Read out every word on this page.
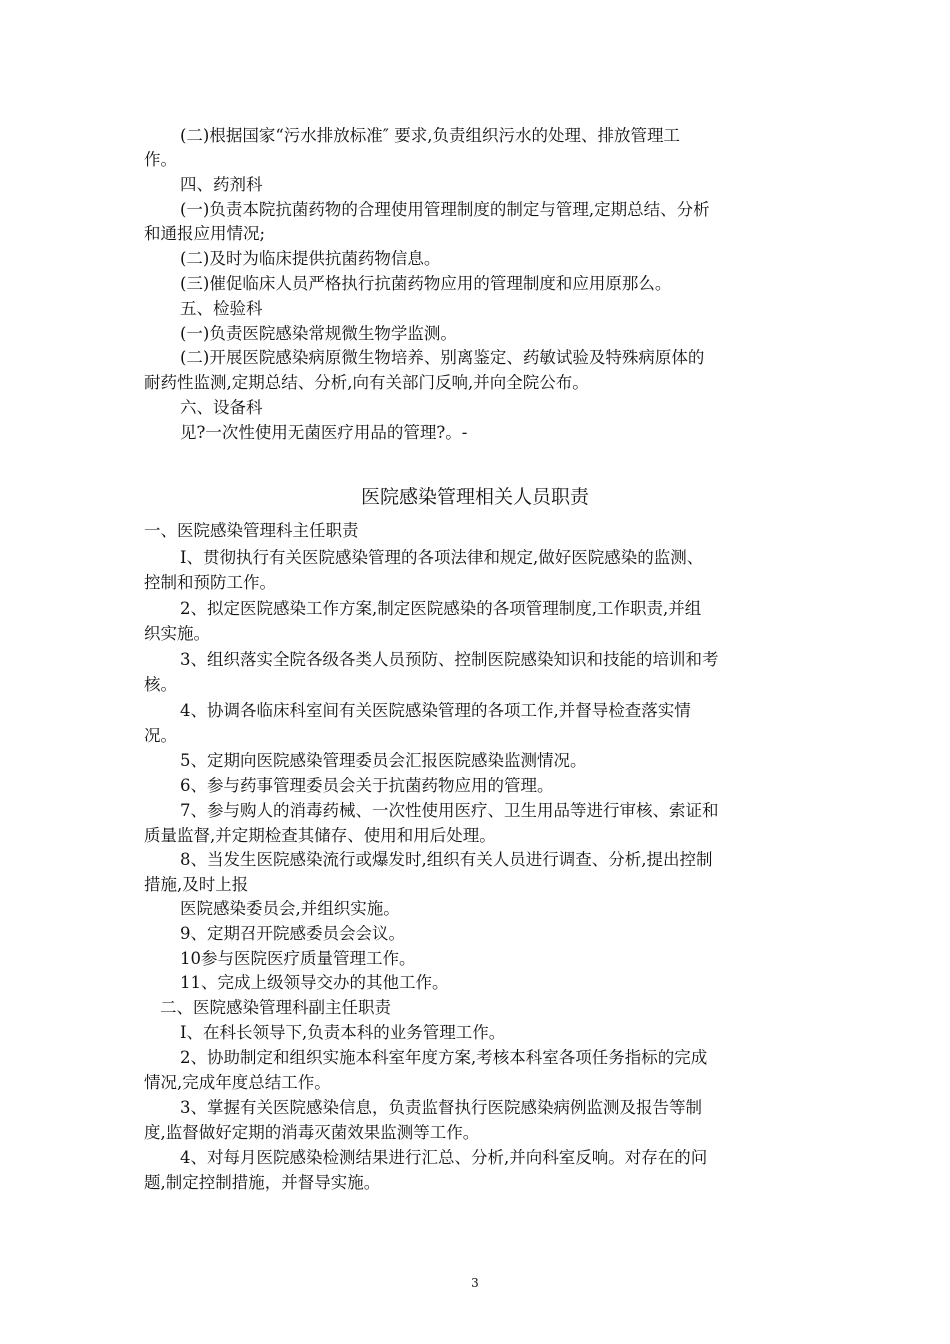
(二)根据国家“污水排放标准″ 要求,负责组织污水的处理、排放管理工
作。
四、药剂科
(一)负责本院抗菌药物的合理使用管理制度的制定与管理,定期总结、分析
和通报应用情况;
(二)及时为临床提供抗菌药物信息。
(三)催促临床人员严格执行抗菌药物应用的管理制度和应用原那么。
五、检验科
(一)负责医院感染常规微生物学监测。
(二)开展医院感染病原微生物培养、别离鉴定、药敏试验及特殊病原体的
耐药性监测,定期总结、分析,向有关部门反响,并向全院公布。
六、设备科
见?一次性使用无菌医疗用品的管理?。-
医院感染管理相关人员职责
一、医院感染管理科主任职责
I、贯彻执行有关医院感染管理的各项法律和规定,做好医院感染的监测、
控制和预防工作。
2、拟定医院感染工作方案,制定医院感染的各项管理制度,工作职责,并组
织实施。
3、组织落实全院各级各类人员预防、控制医院感染知识和技能的培训和考
核。
4、协调各临床科室间有关医院感染管理的各项工作,并督导检查落实情
况。
5、定期向医院感染管理委员会汇报医院感染监测情况。
6、参与药事管理委员会关于抗菌药物应用的管理。
7、参与购人的消毒药械、一次性使用医疗、卫生用品等进行审核、索证和
质量监督,并定期检查其储存、使用和用后处理。
8、当发生医院感染流行或爆发时,组织有关人员进行调查、分析,提出控制
措施,及时上报
医院感染委员会,并组织实施。
9、定期召开院感委员会会议。
10参与医院医疗质量管理工作。
11、完成上级领导交办的其他工作。
二、医院感染管理科副主任职责
I、在科长领导下,负责本科的业务管理工作。
2、协助制定和组织实施本科室年度方案,考核本科室各项任务指标的完成
情况,完成年度总结工作。
3、掌握有关医院感染信息，负责监督执行医院感染病例监测及报告等制
度,监督做好定期的消毒灭菌效果监测等工作。
4、对每月医院感染检测结果进行汇总、分析,并向科室反响。对存在的问
题,制定控制措施，并督导实施。
3
